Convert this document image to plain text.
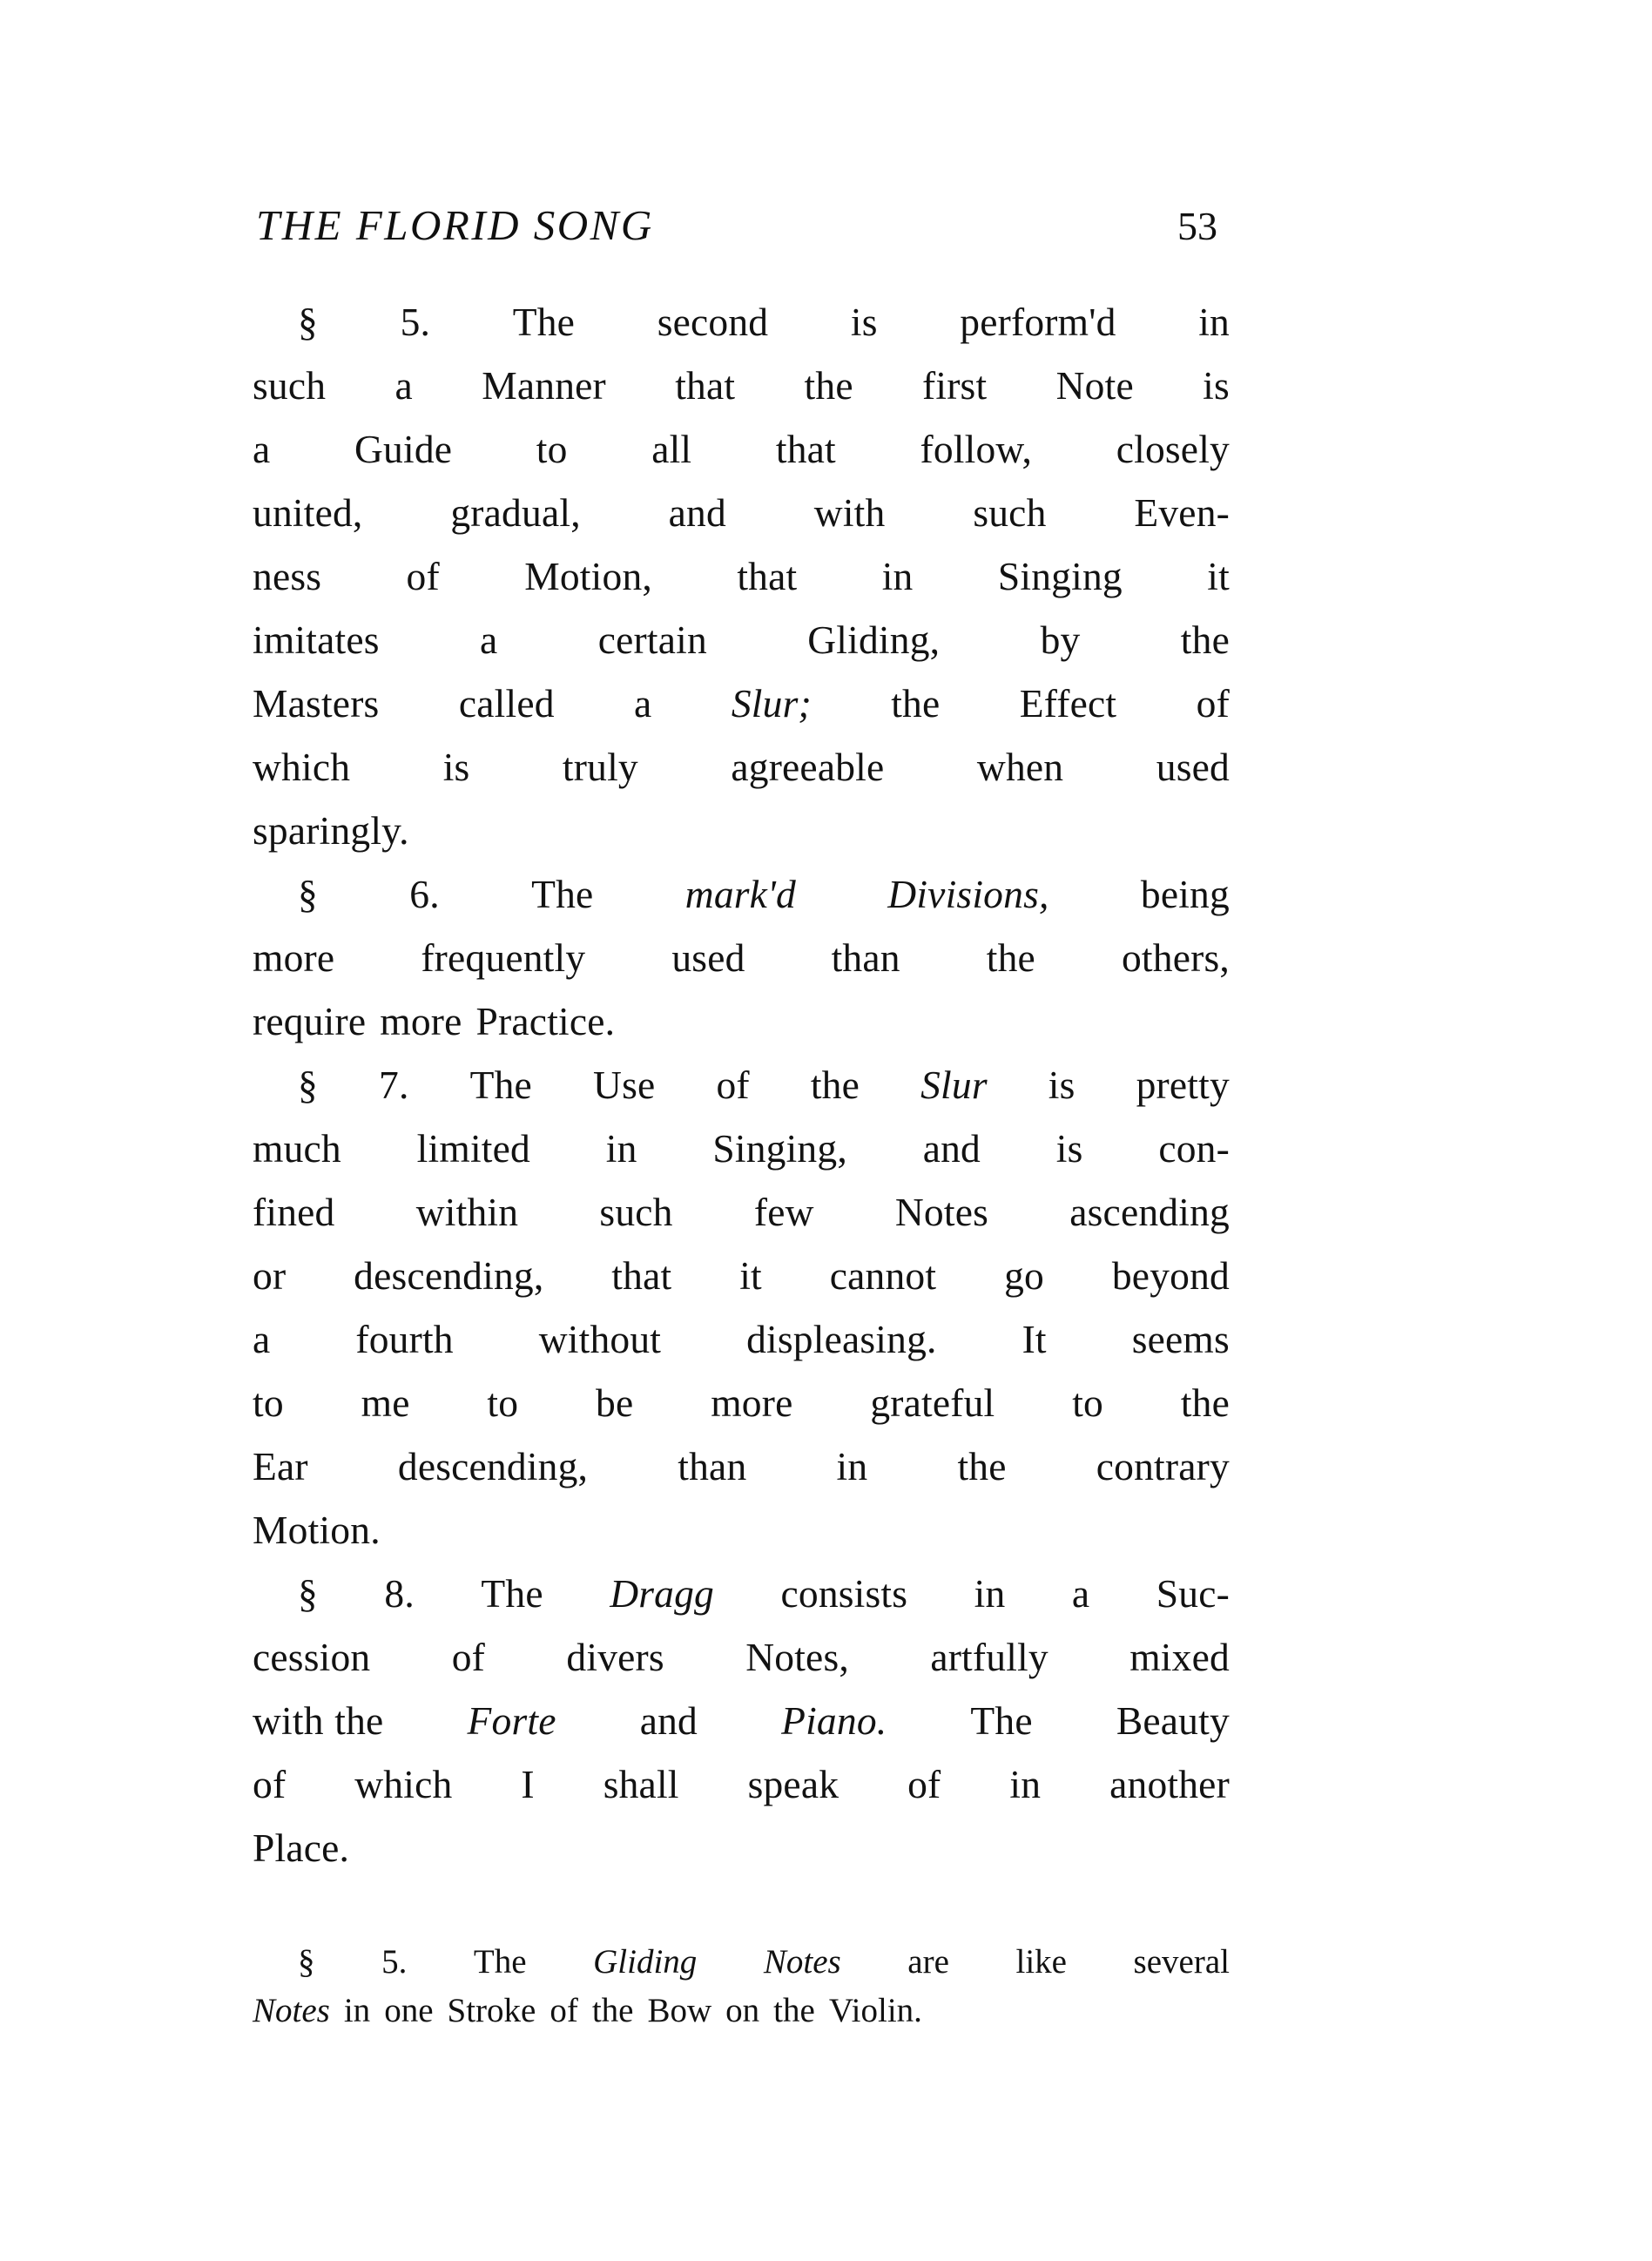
THE FLORID SONG	53
§ 5. The second is perform'd in
such a Manner that the first Note is
a Guide to all that follow, closely
united, gradual, and with such Even-
ness of Motion, that in Singing it
imitates	a	certain	Gliding,	by	the
Masters called a Slur; the Effect of
which is truly agreeable when used
sparingly.
§ 6. The mark'd Divisions, being
more frequently used than the others,
require more Practice.
§ 7. The Use of the Slur is pretty
much limited in Singing, and is con-
fined within such few Notes ascending
or descending, that it cannot go beyond
a fourth without displeasing. It seems
to me to be more grateful to the
Ear descending, than in the contrary
Motion.
§ 8. The Dragg consists in a Suc-
cession of divers Notes, artfully mixed
with the Forte and Piano. The Beauty
of which I shall speak of in another
Place.
§ 5. The Gliding Notes are like several
Notes in one Stroke of the Bow on the Violin.
